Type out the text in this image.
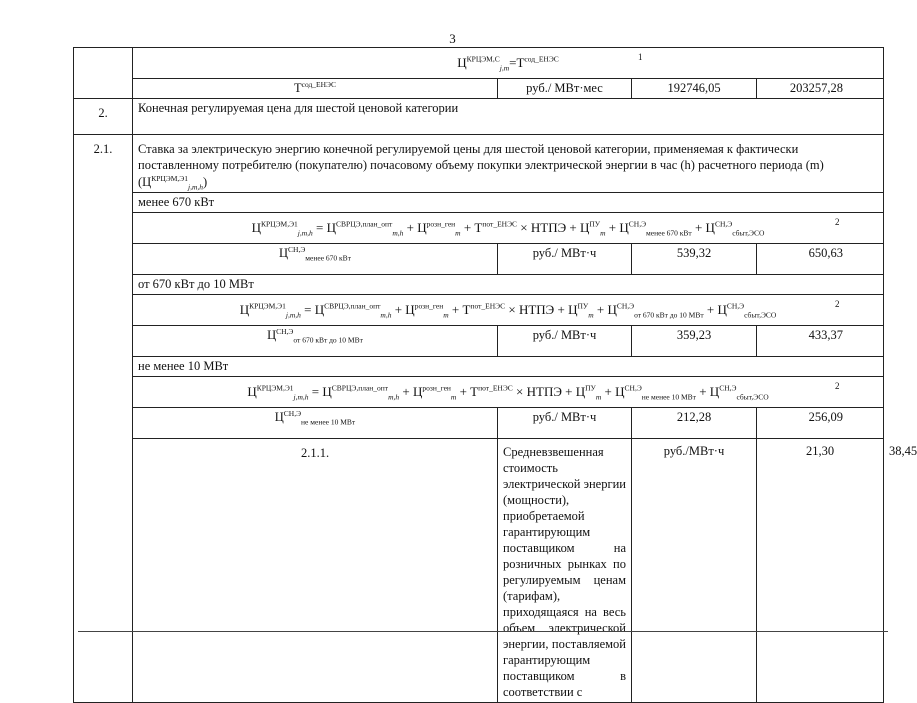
3
	$Ц^{КРЦЭМ,С}_{j,m}=Т^{сод\_ЕНЭС}$ 1				

	$Т^{сод\_ЕНЭС}$	руб./ МВт·мес	192746,05	203257,28	
2.	Конечная регулируемая цена для шестой ценовой категории				
2.1.	Ставка за электрическую энергию конечной регулируемой цены для шестой ценовой категории, применяемая к фактически поставленному потребителю (покупателю) почасовому объему покупки электрической энергии в час (h) расчетного периода (m) $(Ц^{КРЦЭМ,Э1}_{j,m,h})$				
	менее 670 кВт				
	$Ц^{КРЦЭМ,Э1}_{j,m,h} = Ц^{СВРЦЭ,план\_опт}_{m,h} + Ц^{розн\_ген}_m + Т^{пот\_ЕНЭС}$ × НТПЭ + $Ц^{ПУ}_m + Ц^{СН,Э}_{менее 670 кВт} + Ц^{СН,Э}_{сбыт,ЭСО}$
2				

	$Ц^{СН,Э}_{менее 670 кВт}$	руб./ МВт·ч	539,32	650,63	
	от 670 кВт до 10 МВт				
	$Ц^{КРЦЭМ,Э1}_{j,m,h} = Ц^{СВРЦЭ,план\_опт}_{m,h} + Ц^{розн\_ген}_m + Т^{пот\_ЕНЭС}$ × НТПЭ + $Ц^{ПУ}_m + Ц^{СН,Э}_{от 670 кВт до 10 МВт} + Ц^{СН,Э}_{сбыт,ЭСО}$
2				

	$Ц^{СН,Э}_{от 670 кВт до 10 МВт}$	руб./ МВт·ч	359,23	433,37	
	не менее 10 МВт				
	$Ц^{КРЦЭМ,Э1}_{j,m,h} = Ц^{СВРЦЭ,план\_опт}_{m,h} + Ц^{розн\_ген}_m + Т^{пот\_ЕНЭС}$ × НТПЭ + $Ц^{ПУ}_m + Ц^{СН,Э}_{не менее 10 МВт} + Ц^{СН,Э}_{сбыт,ЭСО}$
2				

	$Ц^{СН,Э}_{не менее 10 МВт}$	руб./ МВт·ч	212,28	256,09	
	2.1.1.	Средневзвешенная стоимость электрической энергии (мощности), приобретаемой гарантирующим поставщиком на розничных рынках по регулируемым ценам (тарифам), приходящаяся на весь объем электрической энергии, поставляемой гарантирующим поставщиком в соответствии с	руб./МВт·ч	21,30	38,45
